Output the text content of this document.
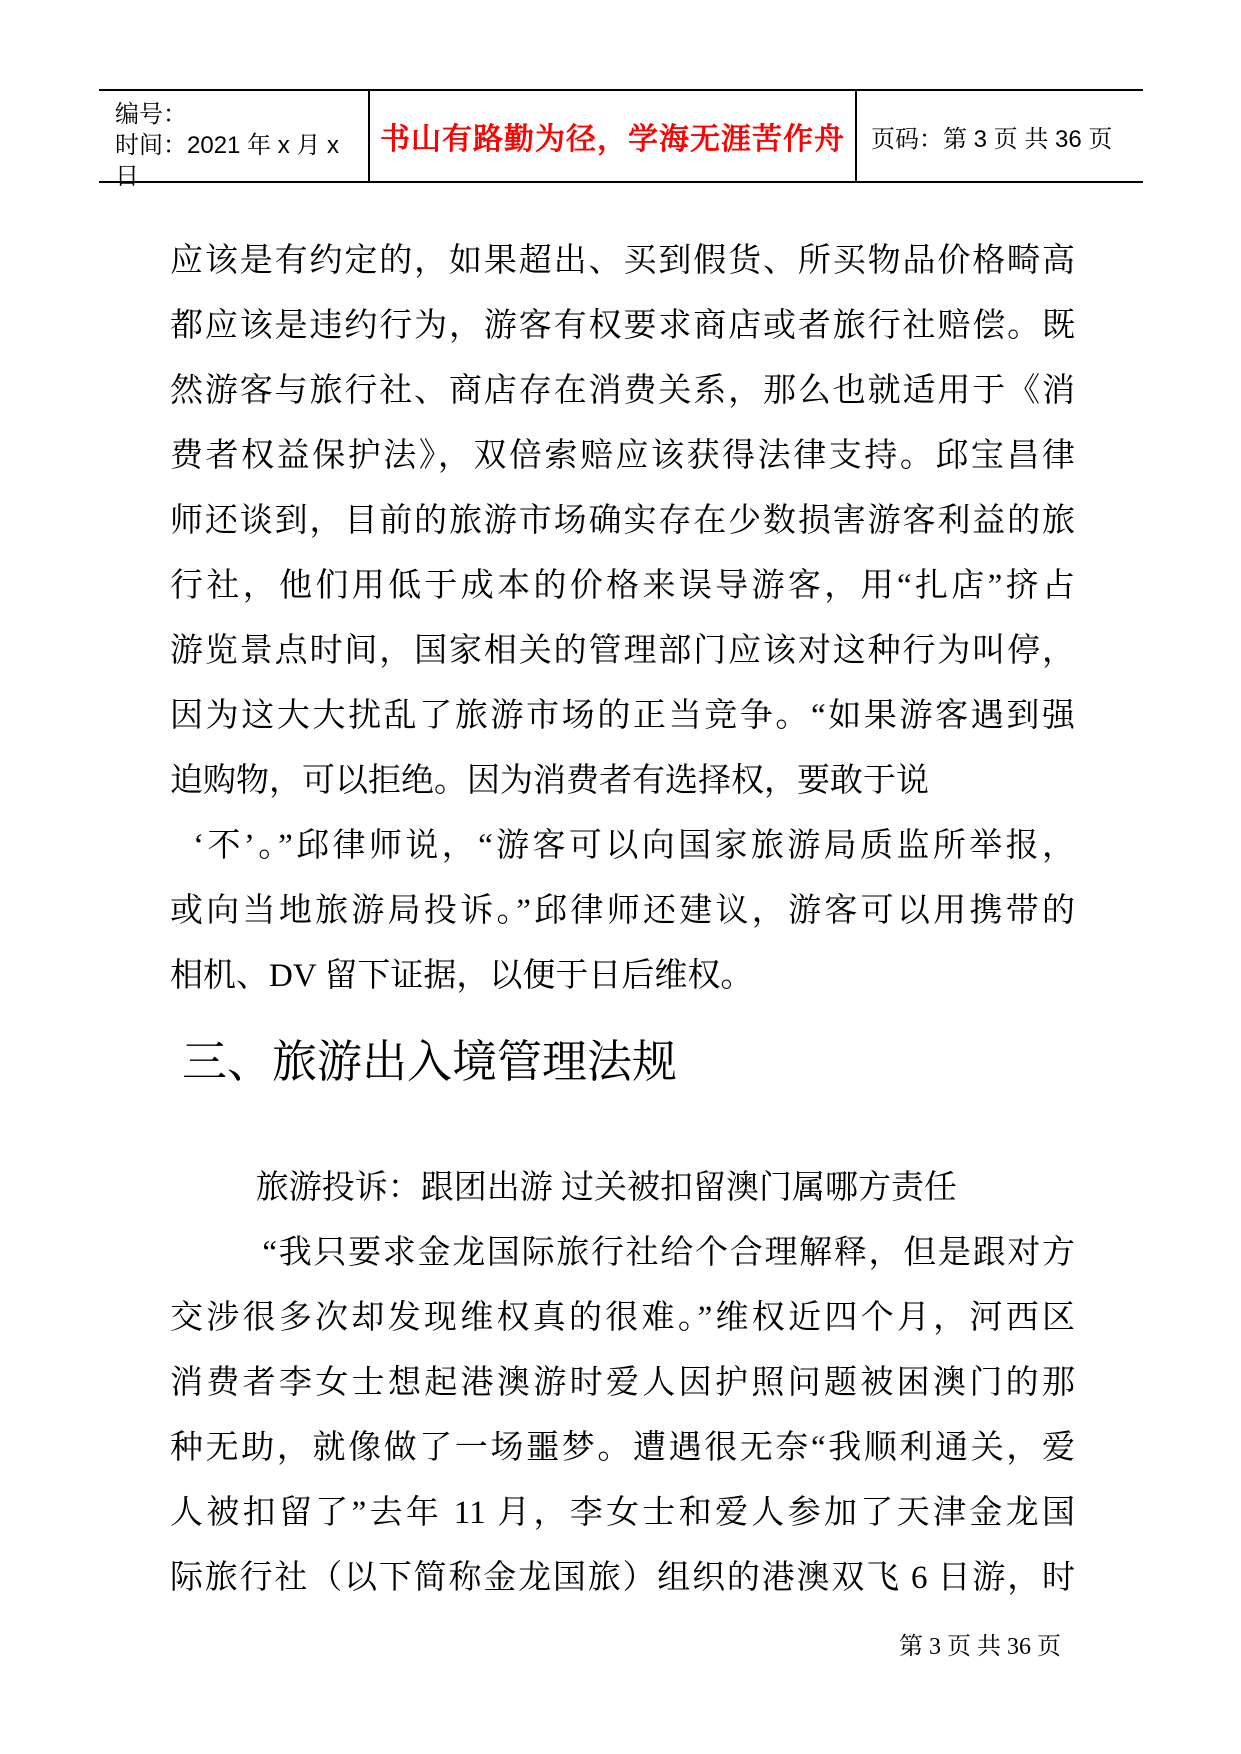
编号：
时间：2021 年 x 月 x 日
书山有路勤为径，学海无涯苦作舟 页码：第 3 页 共 36 页
应该是有约定的，如果超出、买到假货、所买物品价格畸高
都应该是违约行为，游客有权要求商店或者旅行社赔偿。既
然游客与旅行社、商店存在消费关系，那么也就适用于《消
费者权益保护法》，双倍索赔应该获得法律支持。邱宝昌律
师还谈到，目前的旅游市场确实存在少数损害游客利益的旅
行社，他们用低于成本的价格来误导游客，用“扎店”挤占
游览景点时间，国家相关的管理部门应该对这种行为叫停，
因为这大大扰乱了旅游市场的正当竞争。“如果游客遇到强
迫购物，可以拒绝。因为消费者有选择权，要敢于说
‘不’。”邱律师说，“游客可以向国家旅游局质监所举报，
或向当地旅游局投诉。”邱律师还建议，游客可以用携带的
相机、DV 留下证据，以便于日后维权。
三、旅游出入境管理法规
旅游投诉：跟团出游 过关被扣留澳门属哪方责任
“我只要求金龙国际旅行社给个合理解释，但是跟对方
交涉很多次却发现维权真的很难。”维权近四个月，河西区
消费者李女士想起港澳游时爱人因护照问题被困澳门的那
种无助，就像做了一场噩梦。遭遇很无奈“我顺利通关，爱
人被扣留了”去年 11 月，李女士和爱人参加了天津金龙国
际旅行社（以下简称金龙国旅）组织的港澳双飞 6 日游，时
第 3 页 共 36 页
